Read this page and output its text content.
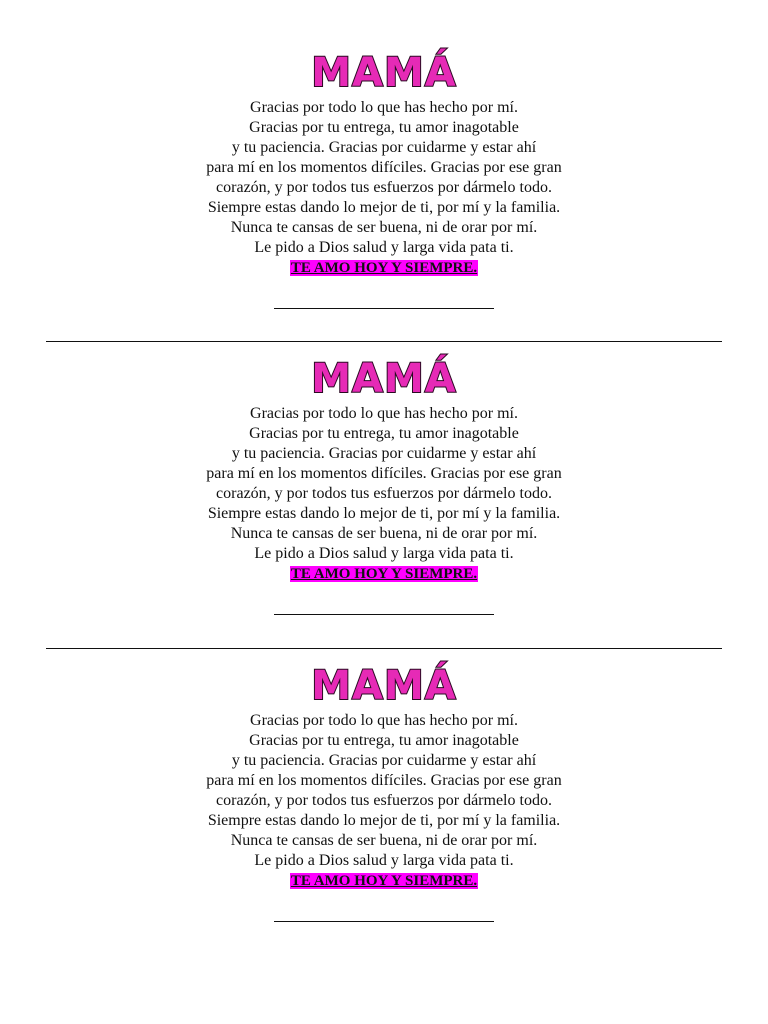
MAMÁ
Gracias por todo lo que has hecho por mí.
Gracias por tu entrega, tu amor inagotable
y tu paciencia. Gracias por cuidarme y estar ahí
para mí en los momentos difíciles. Gracias por ese gran
corazón, y por todos tus esfuerzos por dármelo todo.
Siempre estas dando lo mejor de ti, por mí y la familia.
Nunca te cansas de ser buena, ni de orar por mí.
Le pido a Dios salud y larga vida pata ti.
TE AMO HOY Y SIEMPRE.
MAMÁ
Gracias por todo lo que has hecho por mí.
Gracias por tu entrega, tu amor inagotable
y tu paciencia. Gracias por cuidarme y estar ahí
para mí en los momentos difíciles. Gracias por ese gran
corazón, y por todos tus esfuerzos por dármelo todo.
Siempre estas dando lo mejor de ti, por mí y la familia.
Nunca te cansas de ser buena, ni de orar por mí.
Le pido a Dios salud y larga vida pata ti.
TE AMO HOY Y SIEMPRE.
MAMÁ
Gracias por todo lo que has hecho por mí.
Gracias por tu entrega, tu amor inagotable
y tu paciencia. Gracias por cuidarme y estar ahí
para mí en los momentos difíciles. Gracias por ese gran
corazón, y por todos tus esfuerzos por dármelo todo.
Siempre estas dando lo mejor de ti, por mí y la familia.
Nunca te cansas de ser buena, ni de orar por mí.
Le pido a Dios salud y larga vida pata ti.
TE AMO HOY Y SIEMPRE.
